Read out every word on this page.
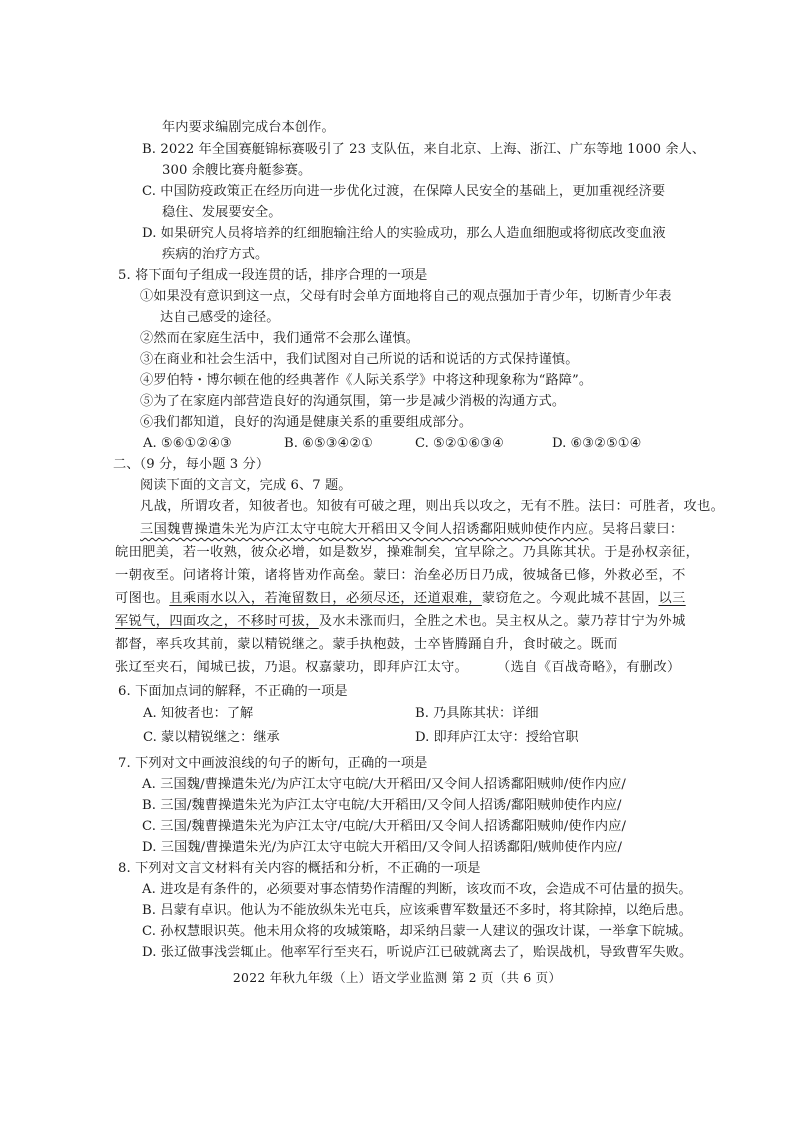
年内要求编剧完成台本创作。
B. 2022 年全国赛艇锦标赛吸引了 23 支队伍，来自北京、上海、浙江、广东等地 1000 余人、
300 余艘比赛舟艇参赛。
C. 中国防疫政策正在经历向进一步优化过渡，在保障人民安全的基础上，更加重视经济要
稳住、发展要安全。
D. 如果研究人员将培养的红细胞输注给人的实验成功，那么人造血细胞或将彻底改变血液
疾病的治疗方式。
5. 将下面句子组成一段连贯的话，排序合理的一项是
①如果没有意识到这一点，父母有时会单方面地将自己的观点强加于青少年，切断青少年表
达自己感受的途径。
②然而在家庭生活中，我们通常不会那么谨慎。
③在商业和社会生活中，我们试图对自己所说的话和说话的方式保持谨慎。
④罗伯特・博尔顿在他的经典著作《人际关系学》中将这种现象称为“路障”。
⑤为了在家庭内部营造良好的沟通氛围，第一步是减少消极的沟通方式。
⑥我们都知道，良好的沟通是健康关系的重要组成部分。
A. ⑤⑥①②④③	B. ⑥⑤③④②①	C. ⑤②①⑥③④	D. ⑥③②⑤①④
二、（9 分，每小题 3 分）
阅读下面的文言文，完成 6、7 题。
凡战，所谓攻者，知彼者也。知彼有可破之理，则出兵以攻之，无有不胜。法曰：可胜者，攻也。
三国魏曹操遣朱光为庐江太守屯皖大开稻田又令间人招诱鄱阳贼帅使作内应。吴将吕蒙曰：
皖田肥美，若一收熟，彼众必增，如是数岁，操难制矣，宜早除之。乃具陈其状。于是孙权亲征，
一朝夜至。问诸将计策，诸将皆劝作高垒。蒙曰：治垒必历日乃成，彼城备已修，外救必至，不
可图也。且乘雨水以入，若淹留数日，必须尽还，还道艰难，蒙窃危之。今观此城不甚固，以三
军锐气，四面攻之，不移时可拔，及水未涨而归，全胜之术也。吴主权从之。蒙乃荐甘宁为外城
都督，率兵攻其前，蒙以精锐继之。蒙手执枹鼓，士卒皆腾踊自升，食时破之。既而
张辽至夹石，闻城已拔，乃退。权嘉蒙功，即拜庐江太守。 （选自《百战奇略》，有删改）
6. 下面加点词的解释，不正确的一项是
A. 知彼者也：了解	B. 乃具陈其状：详细
C. 蒙以精锐继之：继承	D. 即拜庐江太守：授给官职
7. 下列对文中画波浪线的句子的断句，正确的一项是
A. 三国魏/曹操遣朱光/为庐江太守屯皖/大开稻田/又令间人招诱鄱阳贼帅/使作内应/
B. 三国/魏曹操遣朱光为庐江太守屯皖/大开稻田/又令间人招诱/鄱阳贼帅使作内应/
C. 三国/魏曹操遣朱光为庐江太守/屯皖/大开稻田/又令间人招诱鄱阳贼帅/使作内应/
D. 三国魏/曹操遣朱光/为庐江太守屯皖大开稻田/又令间人招诱鄱阳/贼帅使作内应/
8. 下列对文言文材料有关内容的概括和分析，不正确的一项是
A. 进攻是有条件的，必须要对事态情势作清醒的判断，该攻而不攻，会造成不可估量的损失。
B. 吕蒙有卓识。他认为不能放纵朱光屯兵，应该乘曹军数量还不多时，将其除掉，以绝后患。
C. 孙权慧眼识英。他未用众将的攻城策略，却采纳吕蒙一人建议的强攻计谋，一举拿下皖城。
D. 张辽做事浅尝辄止。他率军行至夹石，听说庐江已破就离去了，贻误战机，导致曹军失败。
2022 年秋九年级（上）语文学业监测 第 2 页（共 6 页）
